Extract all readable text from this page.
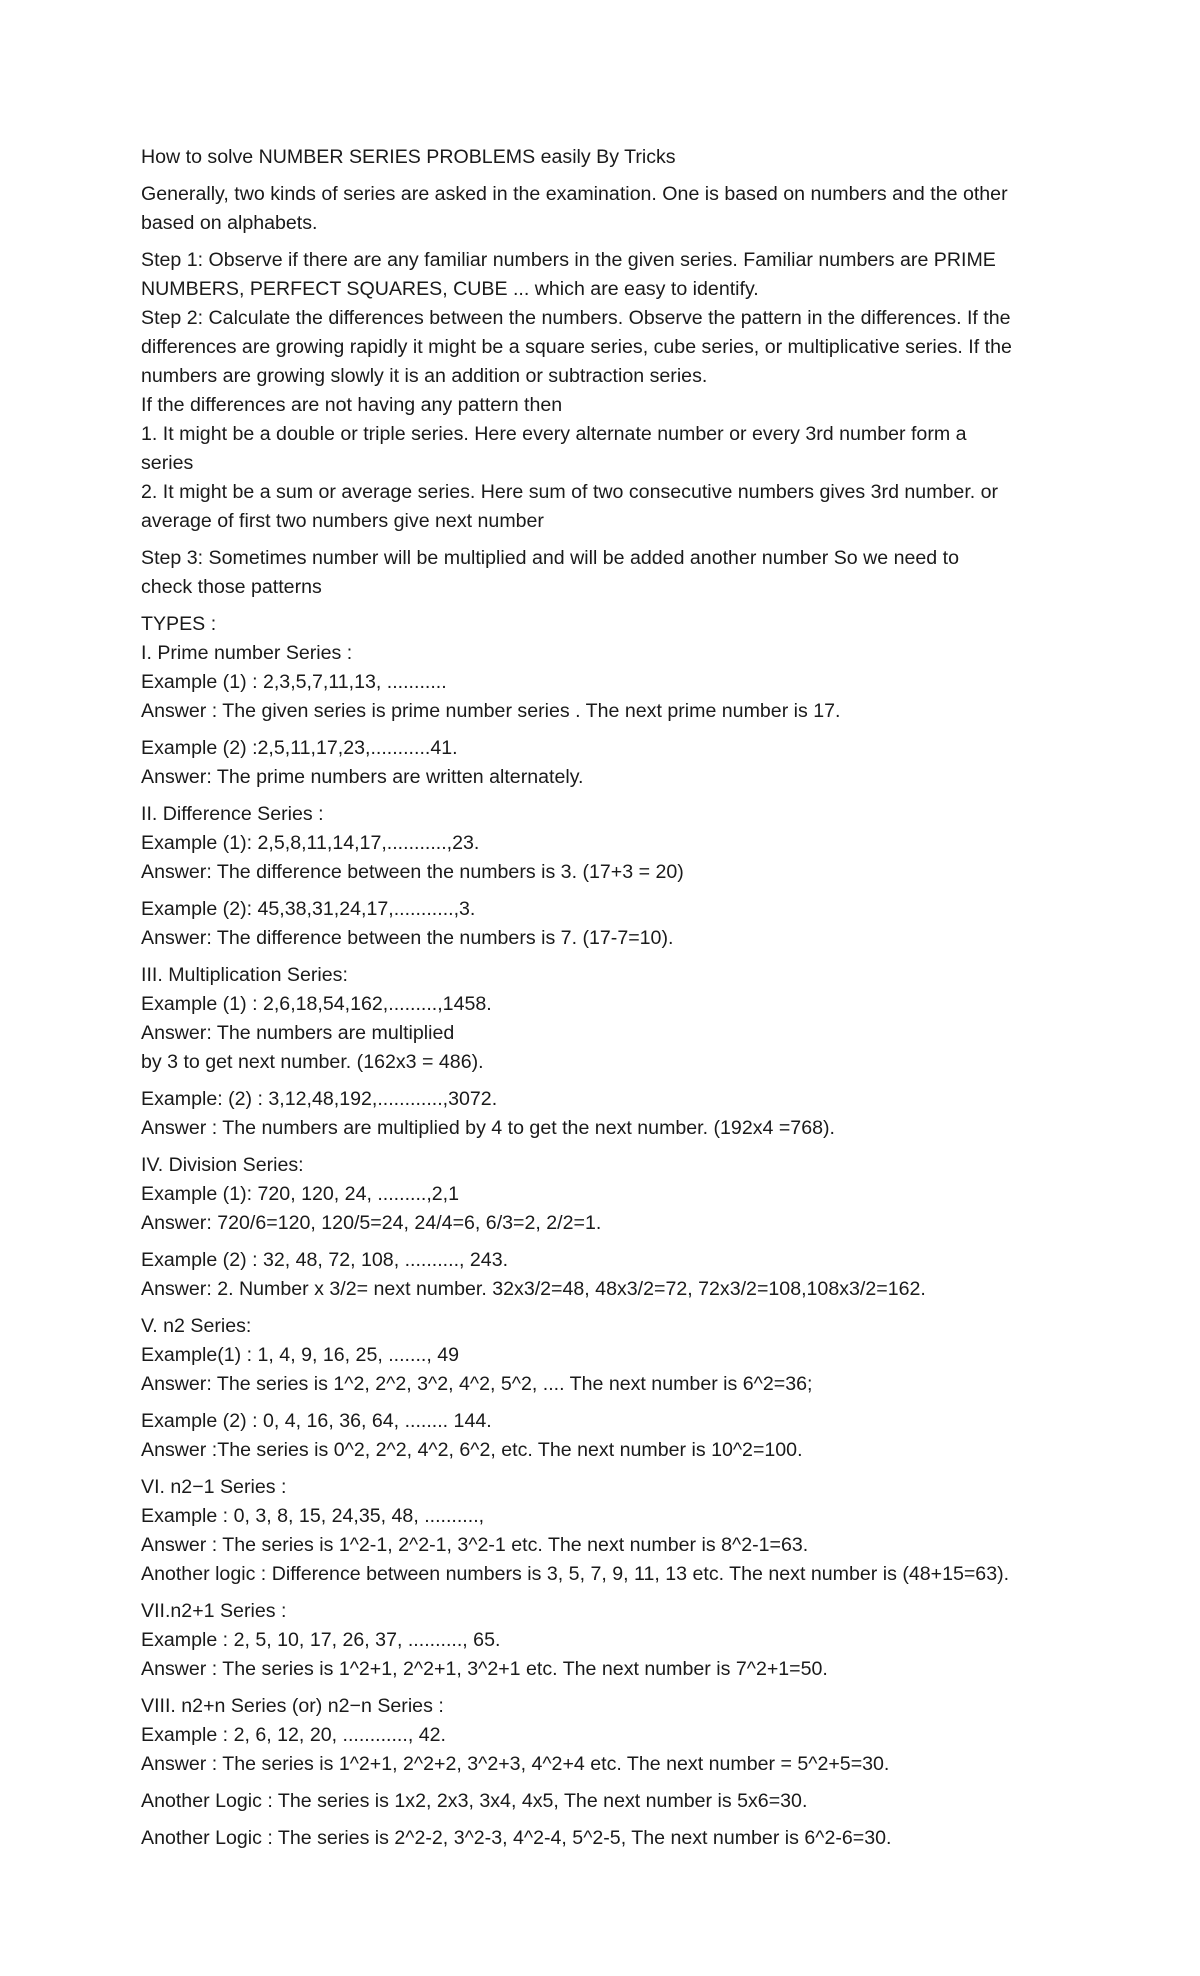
How to solve NUMBER SERIES PROBLEMS easily By Tricks
Generally, two kinds of series are asked in the examination. One is based on numbers and the other
based on alphabets.
Step 1: Observe if there are any familiar numbers in the given series. Familiar numbers are PRIME
NUMBERS, PERFECT SQUARES, CUBE ... which are easy to identify.
Step 2: Calculate the differences between the numbers. Observe the pattern in the differences. If the
differences are growing rapidly it might be a square series, cube series, or multiplicative series. If the
numbers are growing slowly it is an addition or subtraction series.
If the differences are not having any pattern then
1. It might be a double or triple series. Here every alternate number or every 3rd number form a
series
2. It might be a sum or average series. Here sum of two consecutive numbers gives 3rd number. or
average of first two numbers give next number
Step 3: Sometimes number will be multiplied and will be added another number So we need to
check those patterns
TYPES :
I. Prime number Series :
Example (1) : 2,3,5,7,11,13, ...........
Answer : The given series is prime number series . The next prime number is 17.
Example (2) :2,5,11,17,23,...........41.
Answer: The prime numbers are written alternately.
II. Difference Series :
Example (1): 2,5,8,11,14,17,...........,23.
Answer: The difference between the numbers is 3. (17+3 = 20)
Example (2): 45,38,31,24,17,...........,3.
Answer: The difference between the numbers is 7. (17-7=10).
III. Multiplication Series:
Example (1) : 2,6,18,54,162,.........,1458.
Answer: The numbers are multiplied
by 3 to get next number. (162x3 = 486).
Example: (2) : 3,12,48,192,............,3072.
Answer : The numbers are multiplied by 4 to get the next number. (192x4 =768).
IV. Division Series:
Example (1): 720, 120, 24, .........,2,1
Answer: 720/6=120, 120/5=24, 24/4=6, 6/3=2, 2/2=1.
Example (2) : 32, 48, 72, 108, .........., 243.
Answer: 2. Number x 3/2= next number. 32x3/2=48, 48x3/2=72, 72x3/2=108,108x3/2=162.
V. n2 Series:
Example(1) : 1, 4, 9, 16, 25, ......., 49
Answer: The series is 1^2, 2^2, 3^2, 4^2, 5^2, .... The next number is 6^2=36;
Example (2) : 0, 4, 16, 36, 64, ........ 144.
Answer :The series is 0^2, 2^2, 4^2, 6^2, etc. The next number is 10^2=100.
VI. n2−1 Series :
Example : 0, 3, 8, 15, 24,35, 48, ..........,
Answer : The series is 1^2-1, 2^2-1, 3^2-1 etc. The next number is 8^2-1=63.
Another logic : Difference between numbers is 3, 5, 7, 9, 11, 13 etc. The next number is (48+15=63).
VII.n2+1 Series :
Example : 2, 5, 10, 17, 26, 37, .........., 65.
Answer : The series is 1^2+1, 2^2+1, 3^2+1 etc. The next number is 7^2+1=50.
VIII. n2+n Series (or) n2−n Series :
Example : 2, 6, 12, 20, ............, 42.
Answer : The series is 1^2+1, 2^2+2, 3^2+3, 4^2+4 etc. The next number = 5^2+5=30.
Another Logic : The series is 1x2, 2x3, 3x4, 4x5, The next number is 5x6=30.
Another Logic : The series is 2^2-2, 3^2-3, 4^2-4, 5^2-5, The next number is 6^2-6=30.
